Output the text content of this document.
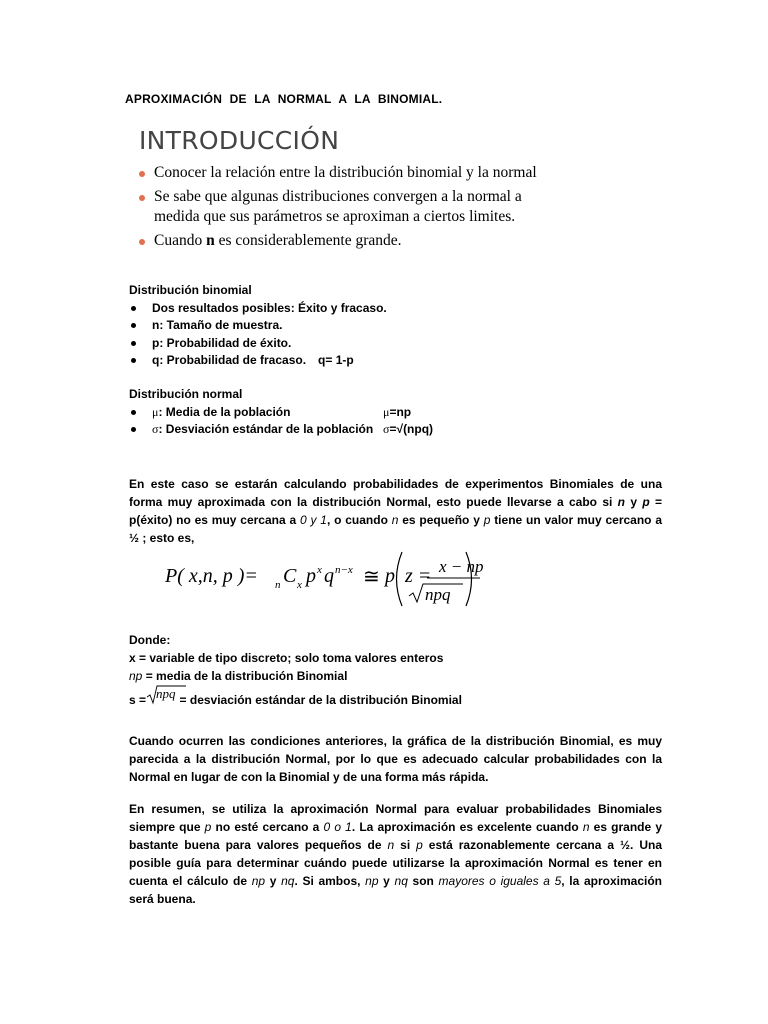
APROXIMACIÓN DE LA NORMAL A LA BINOMIAL.
INTRODUCCIÓN
Conocer la relación entre la distribución binomial y la normal
Se sabe que algunas distribuciones convergen a la normal a medida que sus parámetros se aproximan a ciertos limites.
Cuando n es considerablemente grande.
Distribución binomial
Dos resultados posibles: Éxito y fracaso.
n: Tamaño de muestra.
p: Probabilidad de éxito.
q: Probabilidad de fracaso. q= 1-p
Distribución normal
μ: Media de la población	μ=np
σ: Desviación estándar de la población σ=√(npq)
En este caso se estarán calculando probabilidades de experimentos Binomiales de una forma muy aproximada con la distribución Normal, esto puede llevarse a cabo si n y p = p(éxito) no es muy cercana a 0 y 1, o cuando n es pequeño y p tiene un valor muy cercano a ½ ; esto es,
P( x,n, p )= n C x p x q n−x ≅ p z = x − np
npq
Donde:
x = variable de tipo discreto; solo toma valores enteros
np = media de la distribución Binomial
s = npq = desviación estándar de la distribución Binomial
Cuando ocurren las condiciones anteriores, la gráfica de la distribución Binomial, es muy parecida a la distribución Normal, por lo que es adecuado calcular probabilidades con la Normal en lugar de con la Binomial y de una forma más rápida.
En resumen, se utiliza la aproximación Normal para evaluar probabilidades Binomiales siempre que p no esté cercano a 0 o 1. La aproximación es excelente cuando n es grande y bastante buena para valores pequeños de n si p está razonablemente cercana a ½. Una posible guía para determinar cuándo puede utilizarse la aproximación Normal es tener en cuenta el cálculo de np y nq. Si ambos, np y nq son mayores o iguales a 5, la aproximación será buena.
